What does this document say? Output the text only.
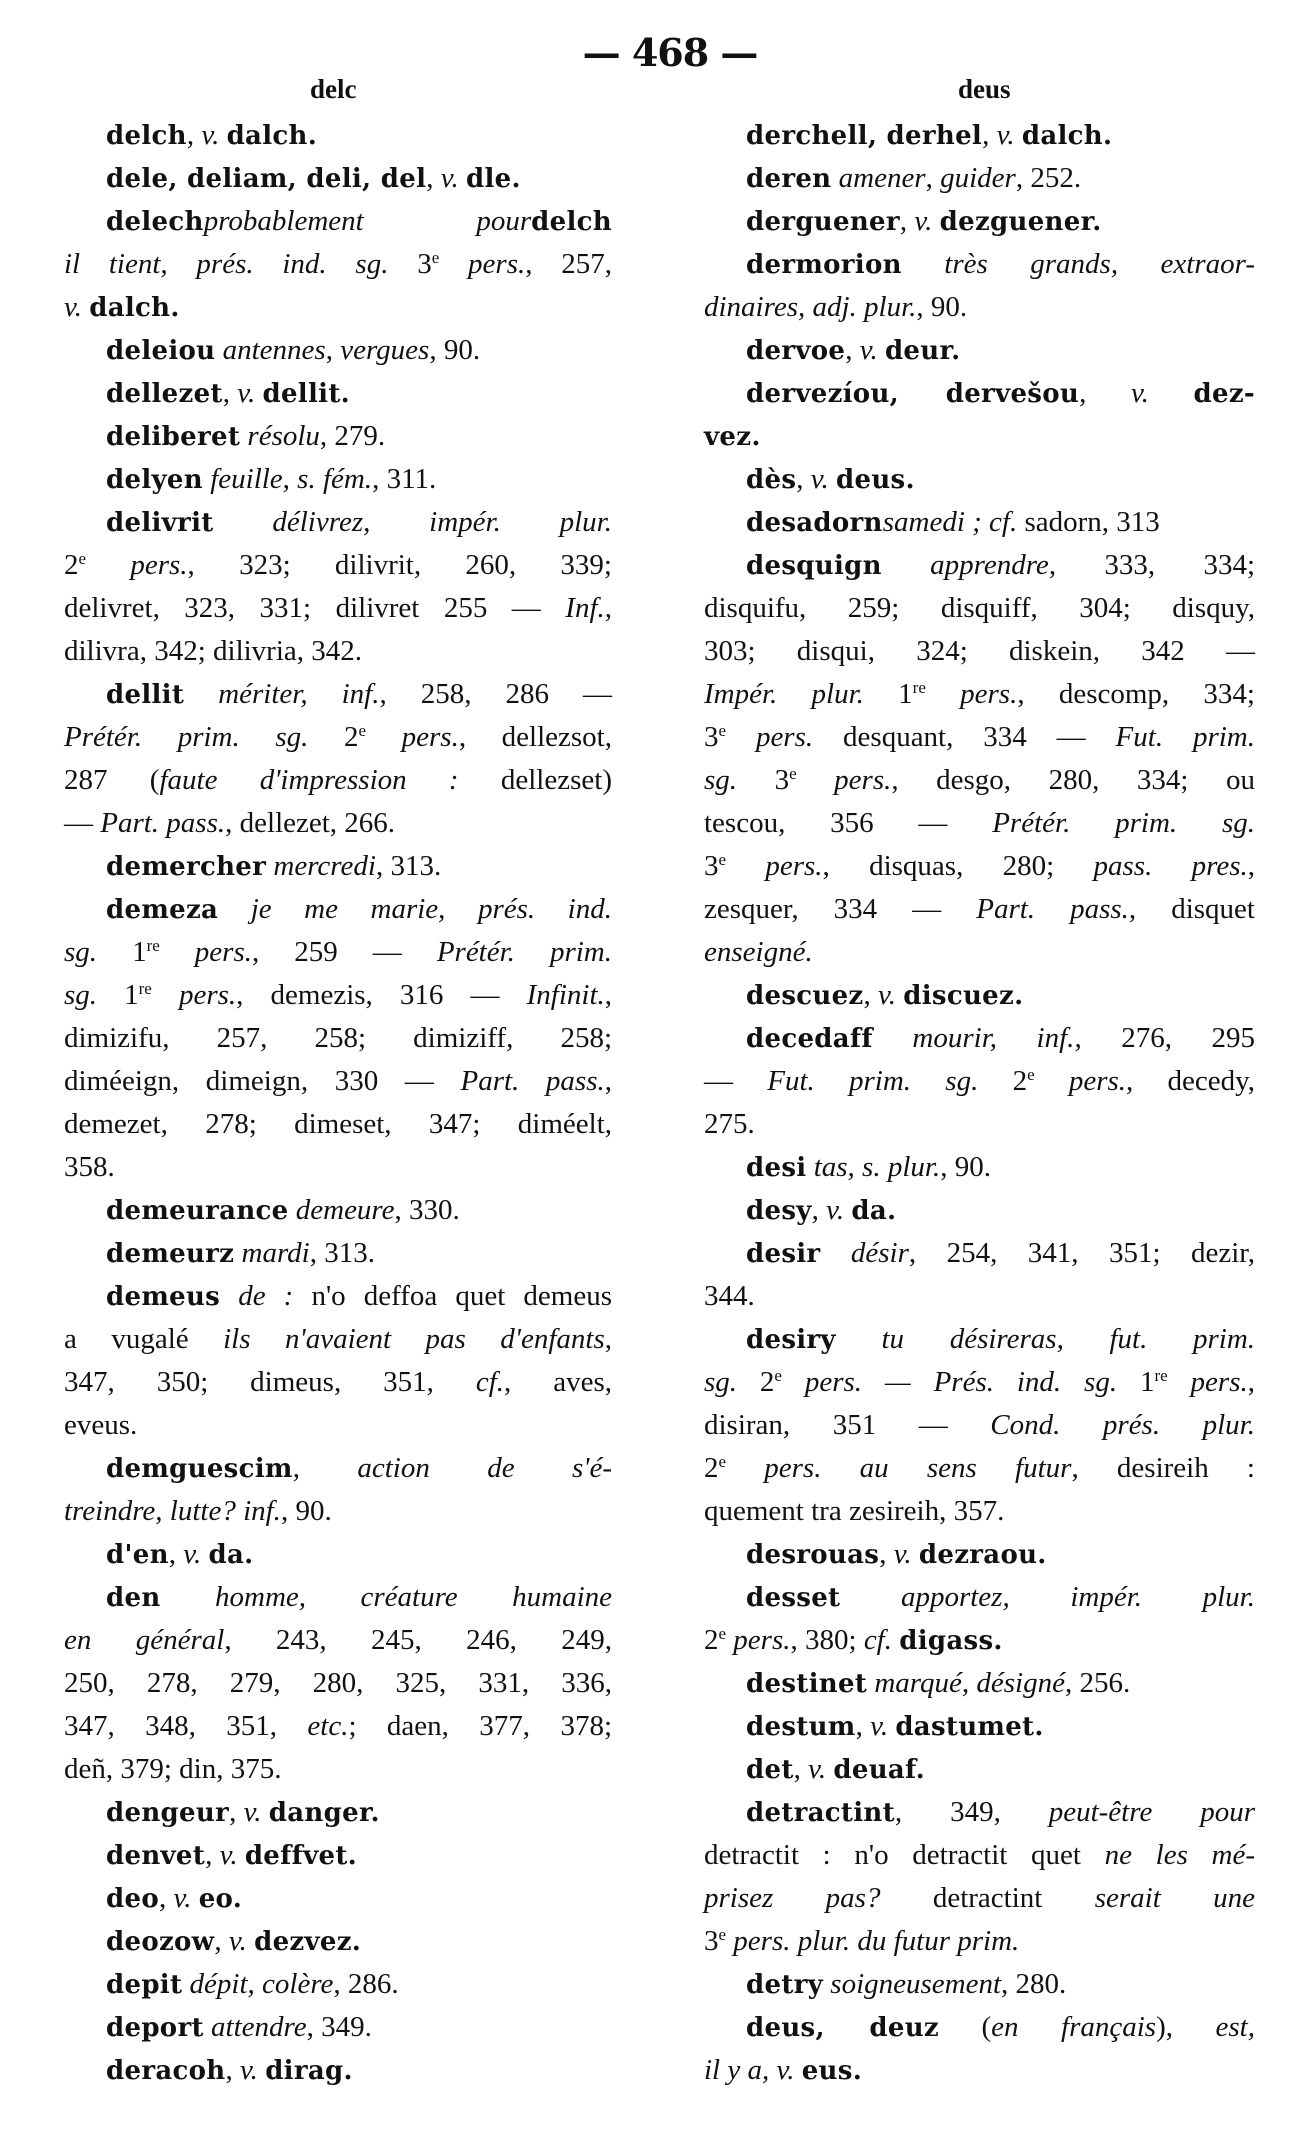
— 468 —
delc	deus
delch, v. dalch.
dele, deliam, deli, del, v. dle.
delechprobablement pourdelch
il tient, prés. ind. sg. 3e pers., 257,
v. dalch.
deleiou antennes, vergues, 90.
dellezet, v. dellit.
deliberet résolu, 279.
delyen feuille, s. fém., 311.
delivrit délivrez, impér. plur.
2e pers., 323; dilivrit, 260, 339;
delivret, 323, 331; dilivret 255 — Inf.,
dilivra, 342; dilivria, 342.
dellit mériter, inf., 258, 286 —
Prétér. prim. sg. 2e pers., dellezsot,
287 (faute d'impression : dellezset)
— Part. pass., dellezet, 266.
demercher mercredi, 313.
demeza je me marie, prés. ind.
sg. 1re pers., 259 — Prétér. prim.
sg. 1re pers., demezis, 316 — Infinit.,
dimizifu, 257, 258; dimiziff, 258;
diméeign, dimeign, 330 — Part. pass.,
demezet, 278; dimeset, 347; diméelt,
358.
demeurance demeure, 330.
demeurz mardi, 313.
demeus de : n'o deffoa quet demeus
a vugalé ils n'avaient pas d'enfants,
347, 350; dimeus, 351, cf., aves,
eveus.
demguescim, action de s'é-
treindre, lutte? inf., 90.
d'en, v. da.
den homme, créature humaine
en général, 243, 245, 246, 249,
250, 278, 279, 280, 325, 331, 336,
347, 348, 351, etc.; daen, 377, 378;
deñ, 379; din, 375.
dengeur, v. danger.
denvet, v. deffvet.
deo, v. eo.
deozow, v. dezvez.
depit dépit, colère, 286.
deport attendre, 349.
deracoh, v. dirag.
derchell, derhel, v. dalch.
deren amener, guider, 252.
derguener, v. dezguener.
dermorion très grands, extraor-
dinaires, adj. plur., 90.
dervoe, v. deur.
dervezíou, dervešou, v. dez-
vez.
dès, v. deus.
desadornsamedi ; cf. sadorn, 313
desquign apprendre, 333, 334;
disquifu, 259; disquiff, 304; disquy,
303; disqui, 324; diskein, 342 —
Impér. plur. 1re pers., descomp, 334;
3e pers. desquant, 334 — Fut. prim.
sg. 3e pers., desgo, 280, 334; ou
tescou, 356 — Prétér. prim. sg.
3e pers., disquas, 280; pass. pres.,
zesquer, 334 — Part. pass., disquet
enseigné.
descuez, v. discuez.
decedaff mourir, inf., 276, 295
— Fut. prim. sg. 2e pers., decedy,
275.
desi tas, s. plur., 90.
desy, v. da.
desir désir, 254, 341, 351; dezir,
344.
desiry tu désireras, fut. prim.
sg. 2e pers. — Prés. ind. sg. 1re pers.,
disiran, 351 — Cond. prés. plur.
2e pers. au sens futur, desireih :
quement tra zesireih, 357.
desrouas, v. dezraou.
desset apportez, impér. plur.
2e pers., 380; cf. digass.
destinet marqué, désigné, 256.
destum, v. dastumet.
det, v. deuaf.
detractint, 349, peut-être pour
detractit : n'o detractit quet ne les mé-
prisez pas? detractint serait une
3e pers. plur. du futur prim.
detry soigneusement, 280.
deus, deuz (en français), est,
il y a, v. eus.
